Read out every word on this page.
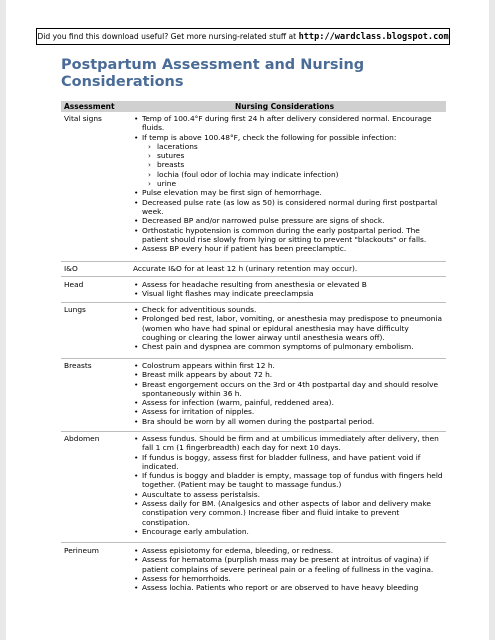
Did you find this download useful? Get more nursing-related stuff at http://wardclass.blogspot.com
Postpartum Assessment and Nursing
Considerations
Assessment	Nursing Considerations
Vital signs	• Temp of 100.4°F during first 24 h after delivery considered normal. Encourage fluids.
• If temp is above 100.48°F, check the following for possible infection:
› lacerations
› sutures
› breasts
› lochia (foul odor of lochia may indicate infection)
› urine
• Pulse elevation may be first sign of hemorrhage.
• Decreased pulse rate (as low as 50) is considered normal during first postpartal week.
• Decreased BP and/or narrowed pulse pressure are signs of shock.
• Orthostatic hypotension is common during the early postpartal period. The patient should rise slowly from lying or sitting to prevent "blackouts" or falls.
• Assess BP every hour if patient has been preeclamptic.
I&O	Accurate I&O for at least 12 h (urinary retention may occur).
Head	• Assess for headache resulting from anesthesia or elevated B
• Visual light flashes may indicate preeclampsia
Lungs	• Check for adventitious sounds.
• Prolonged bed rest, labor, vomiting, or anesthesia may predispose to pneumonia (women who have had spinal or epidural anesthesia may have difficulty coughing or clearing the lower airway until anesthesia wears off).
• Chest pain and dyspnea are common symptoms of pulmonary embolism.
Breasts	• Colostrum appears within first 12 h.
• Breast milk appears by about 72 h.
• Breast engorgement occurs on the 3rd or 4th postpartal day and should resolve spontaneously within 36 h.
• Assess for infection (warm, painful, reddened area).
• Assess for irritation of nipples.
• Bra should be worn by all women during the postpartal period.
Abdomen	• Assess fundus. Should be firm and at umbilicus immediately after delivery, then fall 1 cm (1 fingerbreadth) each day for next 10 days.
• If fundus is boggy, assess first for bladder fullness, and have patient void if indicated.
• If fundus is boggy and bladder is empty, massage top of fundus with fingers held together. (Patient may be taught to massage fundus.)
• Auscultate to assess peristalsis.
• Assess daily for BM. (Analgesics and other aspects of labor and delivery make constipation very common.) Increase fiber and fluid intake to prevent constipation.
• Encourage early ambulation.
Perineum	• Assess episiotomy for edema, bleeding, or redness.
• Assess for hematoma (purplish mass may be present at introitus of vagina) if patient complains of severe perineal pain or a feeling of fullness in the vagina.
• Assess for hemorrhoids.
• Assess lochia. Patients who report or are observed to have heavy bleeding
